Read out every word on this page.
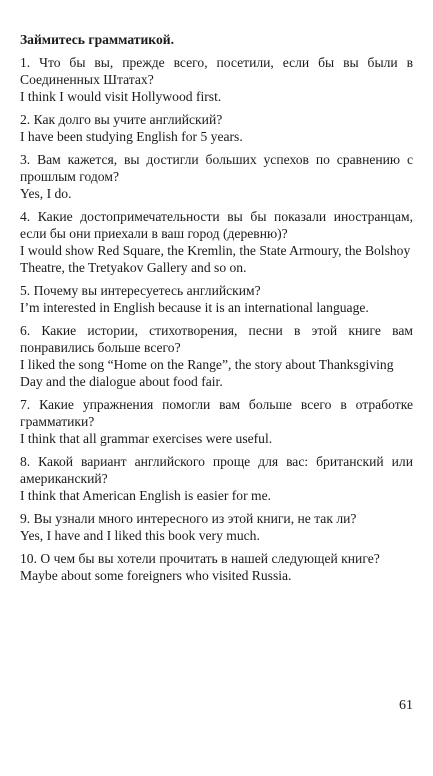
Займитесь грамматикой.

1. Что бы вы, прежде всего, посетили, если бы вы были в Соединенных Штатах?

I think I would visit Hollywood first.

2. Как долго вы учите английский?

I have been studying English for 5 years.

3. Вам кажется, вы достигли больших успехов по сравнению с прошлым годом?

Yes, I do.

4. Какие достопримечательности вы бы показали иностранцам, если бы они приехали в ваш город (деревню)?

I would show Red Square, the Kremlin, the State Armoury, the Bolshoy Theatre, the Tretyakov Gallery and so on.

5. Почему вы интересуетесь английским?

I’m interested in English because it is an international language.

6. Какие истории, стихотворения, песни в этой книге вам понравились больше всего?

I liked the song “Home on the Range”, the story about Thanksgiving Day and the dialogue about food fair.

7. Какие упражнения помогли вам больше всего в отработке грамматики?

I think that all grammar exercises were useful.

8. Какой вариант английского проще для вас: британский или американский?

I think that American English is easier for me.

9. Вы узнали много интересного из этой книги, не так ли?

Yes, I have and I liked this book very much.

10. О чем бы вы хотели прочитать в нашей следующей книге?

Maybe about some foreigners who visited Russia.

61
